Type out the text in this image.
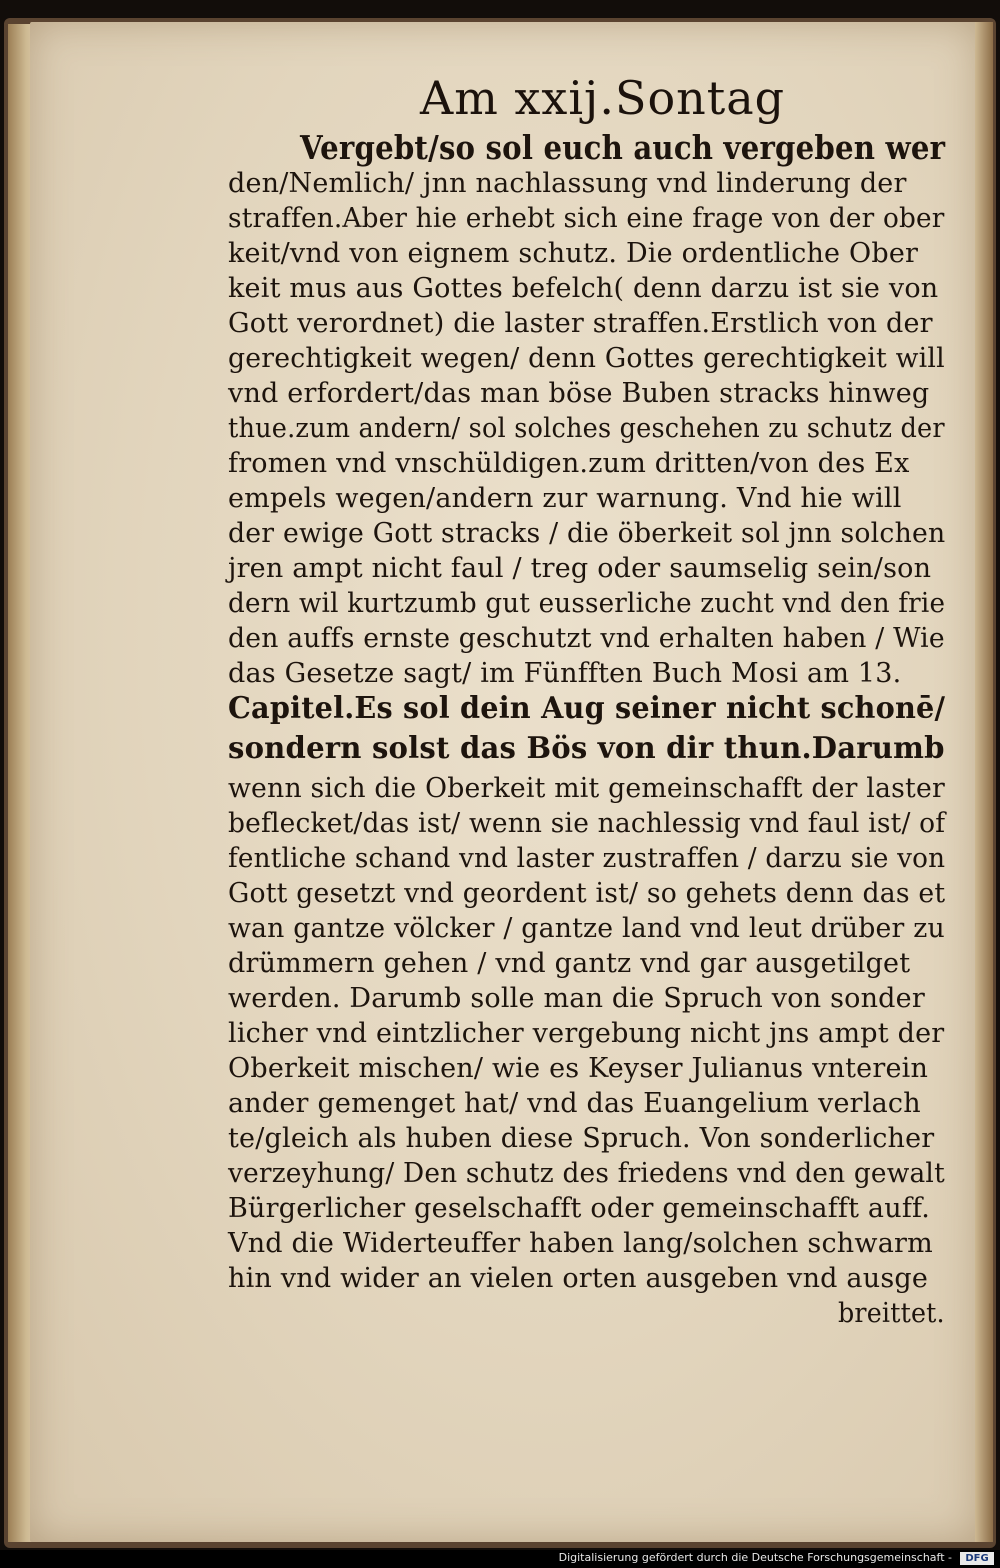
Am xxij.Sontag
Vergebt/so sol euch auch vergeben wer
den/Nemlich/ jnn nachlassung vnd linderung der
straffen.Aber hie erhebt sich eine frage von der ober
keit/vnd von eignem schutz. Die ordentliche Ober
keit mus aus Gottes befelch( denn darzu ist sie von
Gott verordnet) die laster straffen.Erstlich von der
gerechtigkeit wegen/ denn Gottes gerechtigkeit will
vnd erfordert/das man böse Buben stracks hinweg
thue.zum andern/ sol solches geschehen zu schutz der
fromen vnd vnschüldigen.zum dritten/von des Ex
empels wegen/andern zur warnung. Vnd hie will
der ewige Gott stracks / die öberkeit sol jnn solchen
jren ampt nicht faul / treg oder saumselig sein/son
dern wil kurtzumb gut eusserliche zucht vnd den frie
den auffs ernste geschutzt vnd erhalten haben / Wie
das Gesetze sagt/ im Fünfften Buch Mosi am 13.
Capitel.Es sol dein Aug seiner nicht schonē/
sondern solst das Bös von dir thun.Darumb
wenn sich die Oberkeit mit gemeinschafft der laster
beflecket/das ist/ wenn sie nachlessig vnd faul ist/ of
fentliche schand vnd laster zustraffen / darzu sie von
Gott gesetzt vnd geordent ist/ so gehets denn das et
wan gantze völcker / gantze land vnd leut drüber zu
drümmern gehen / vnd gantz vnd gar ausgetilget
werden. Darumb solle man die Spruch von sonder
licher vnd eintzlicher vergebung nicht jns ampt der
Oberkeit mischen/ wie es Keyser Julianus vnterein
ander gemenget hat/ vnd das Euangelium verlach
te/gleich als huben diese Spruch. Von sonderlicher
verzeyhung/ Den schutz des friedens vnd den gewalt
Bürgerlicher geselschafft oder gemeinschafft auff.
Vnd die Widerteuffer haben lang/solchen schwarm
hin vnd wider an vielen orten ausgeben vnd ausge
breittet.
Digitalisierung gefördert durch die Deutsche Forschungsgemeinschaft -	DFG
